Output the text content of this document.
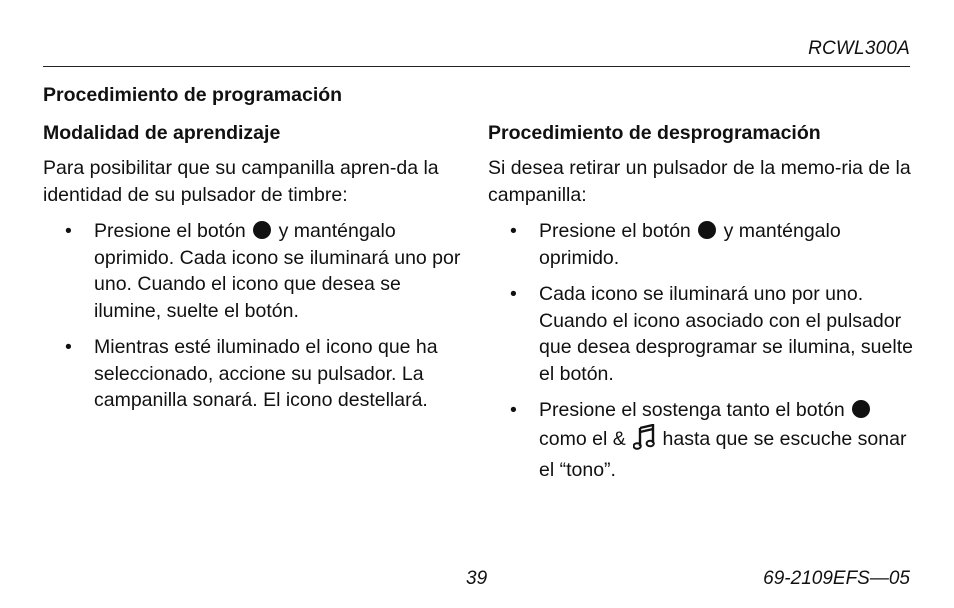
RCWL300A
Procedimiento de programación
Modalidad de aprendizaje
Para posibilitar que su campanilla apren-da la identidad de su pulsador de timbre:
• Presione el botón y manténgalo oprimido. Cada icono se iluminará uno por uno. Cuando el icono que desea se ilumine, suelte el botón.
• Mientras esté iluminado el icono que ha seleccionado, accione su pulsador. La campanilla sonará. El icono destellará.
Procedimiento de desprogramación
Si desea retirar un pulsador de la memo-ria de la campanilla:
• Presione el botón y manténgalo oprimido.
• Cada icono se iluminará uno por uno. Cuando el icono asociado con el pulsador que desea desprogramar se ilumina, suelte el botón.
• Presione el sostenga tanto el botón  como el & hasta que se escuche sonar el “tono”.
39	69-2109EFS—05
